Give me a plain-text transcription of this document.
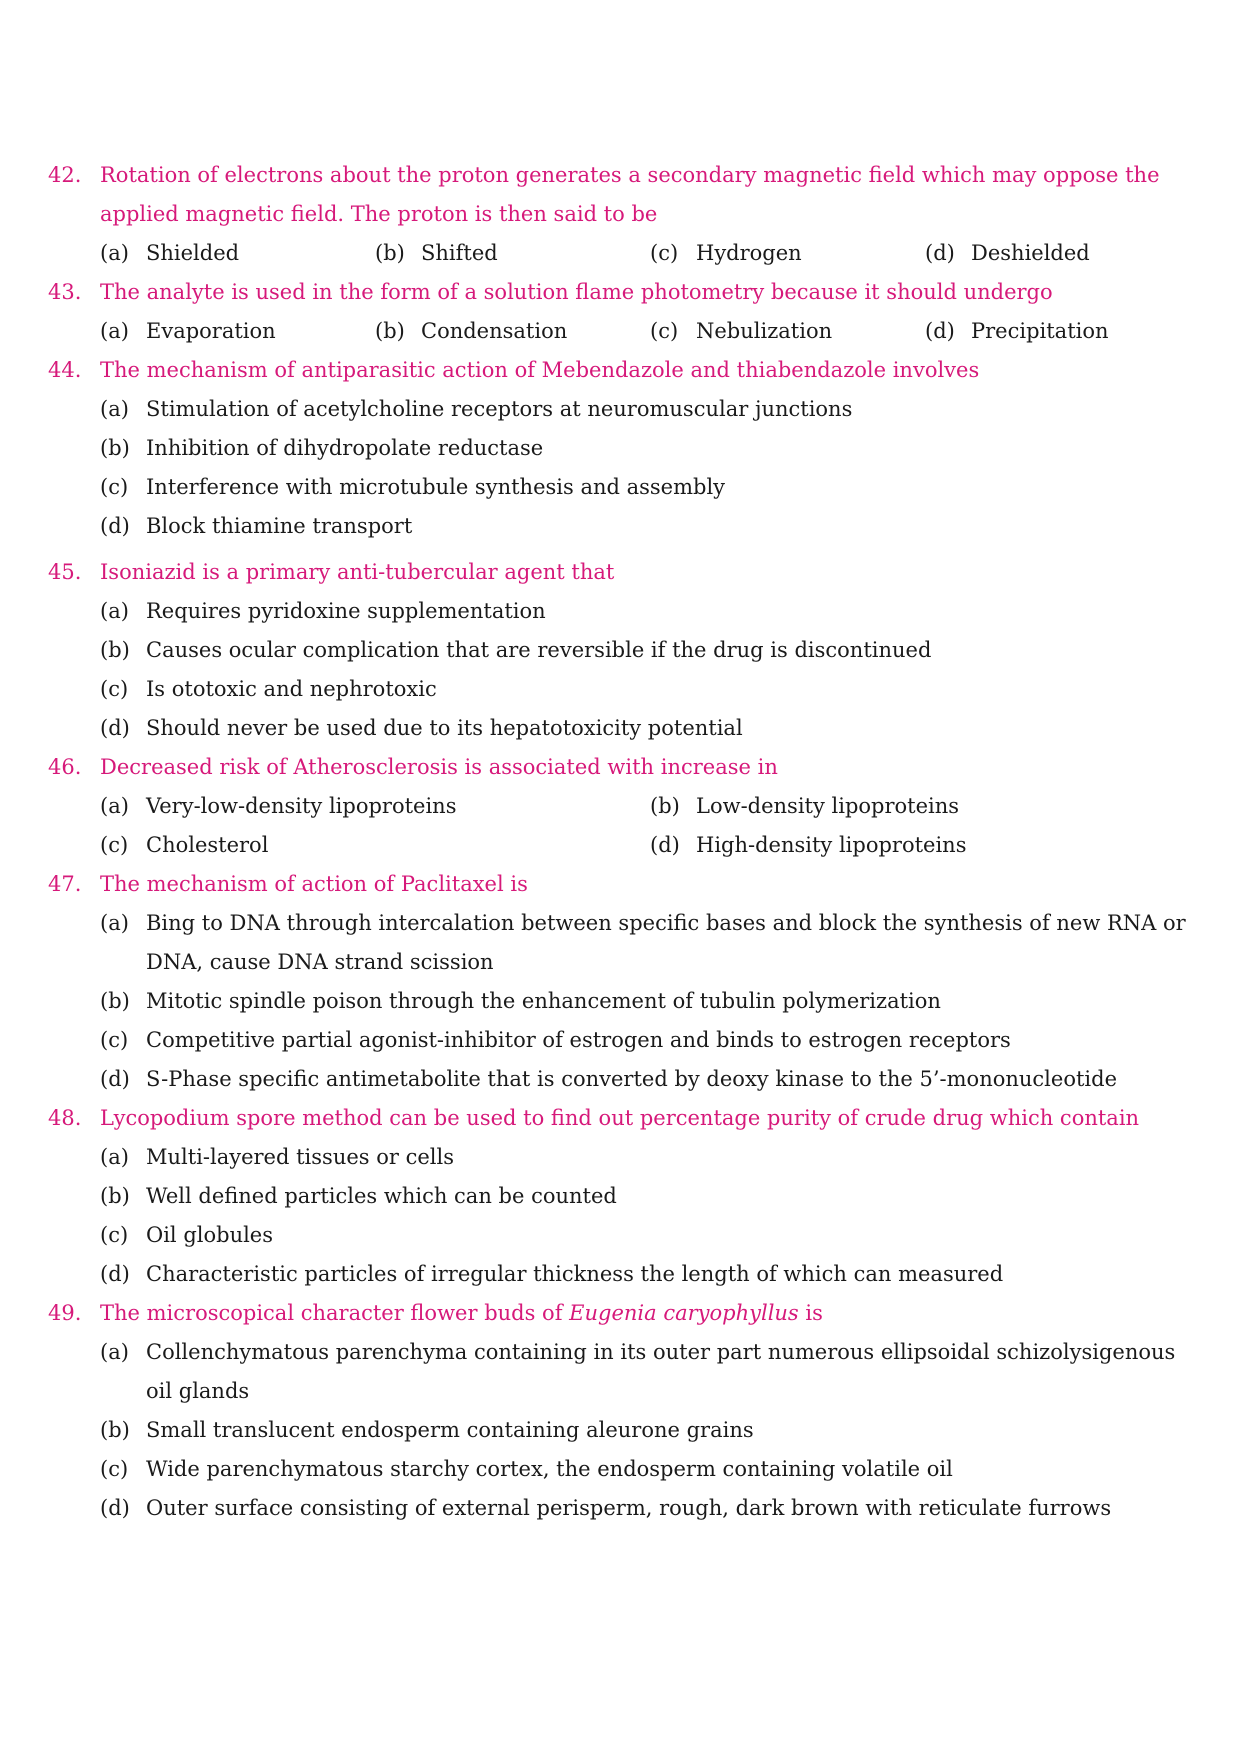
42. Rotation of electrons about the proton generates a secondary magnetic field which may oppose the applied magnetic field. The proton is then said to be
(a) Shielded	(b) Shifted	(c) Hydrogen	(d) Deshielded
43. The analyte is used in the form of a solution flame photometry because it should undergo
(a) Evaporation	(b) Condensation	(c) Nebulization	(d) Precipitation
44. The mechanism of antiparasitic action of Mebendazole and thiabendazole involves
(a) Stimulation of acetylcholine receptors at neuromuscular junctions
(b) Inhibition of dihydropolate reductase
(c) Interference with microtubule synthesis and assembly
(d) Block thiamine transport
45. Isoniazid is a primary anti-tubercular agent that
(a) Requires pyridoxine supplementation
(b) Causes ocular complication that are reversible if the drug is discontinued
(c) Is ototoxic and nephrotoxic
(d) Should never be used due to its hepatotoxicity potential
46. Decreased risk of Atherosclerosis is associated with increase in
(a) Very-low-density lipoproteins	(b) Low-density lipoproteins
(c) Cholesterol	(d) High-density lipoproteins
47. The mechanism of action of Paclitaxel is
(a) Bing to DNA through intercalation between specific bases and block the synthesis of new RNA or DNA, cause DNA strand scission
(b) Mitotic spindle poison through the enhancement of tubulin polymerization
(c) Competitive partial agonist-inhibitor of estrogen and binds to estrogen receptors
(d) S-Phase specific antimetabolite that is converted by deoxy kinase to the 5’-mononucleotide
48. Lycopodium spore method can be used to find out percentage purity of crude drug which contain
(a) Multi-layered tissues or cells
(b) Well defined particles which can be counted
(c) Oil globules
(d) Characteristic particles of irregular thickness the length of which can measured
49. The microscopical character flower buds of Eugenia caryophyllus is
(a) Collenchymatous parenchyma containing in its outer part numerous ellipsoidal schizolysigenous oil glands
(b) Small translucent endosperm containing aleurone grains
(c) Wide parenchymatous starchy cortex, the endosperm containing volatile oil
(d) Outer surface consisting of external perisperm, rough, dark brown with reticulate furrows
